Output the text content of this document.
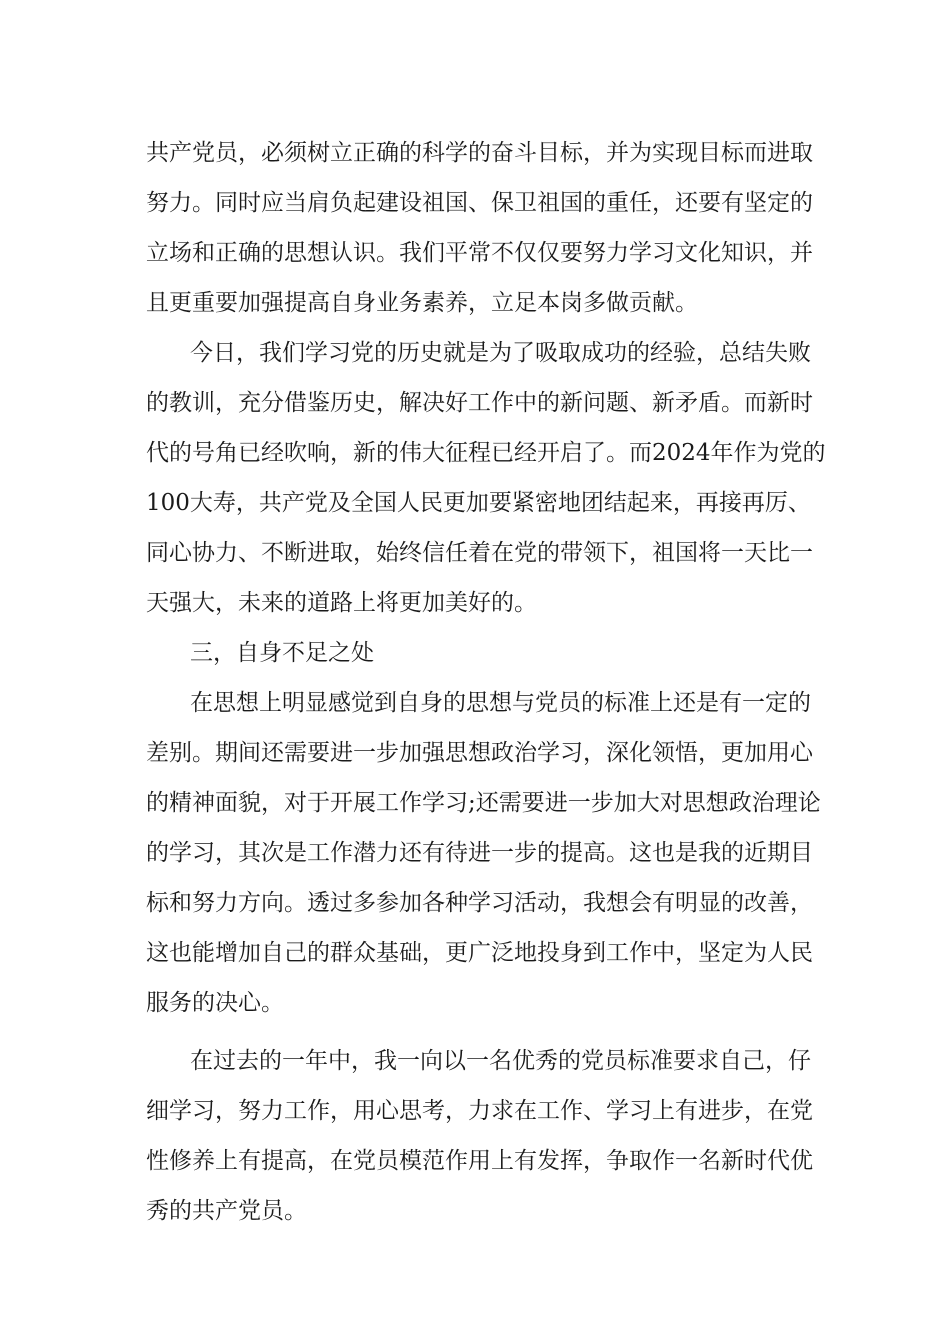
共产党员，必须树立正确的科学的奋斗目标，并为实现目标而进取
努力。同时应当肩负起建设祖国、保卫祖国的重任，还要有坚定的
立场和正确的思想认识。我们平常不仅仅要努力学习文化知识，并
且更重要加强提高自身业务素养，立足本岗多做贡献。
今日，我们学习党的历史就是为了吸取成功的经验，总结失败
的教训，充分借鉴历史，解决好工作中的新问题、新矛盾。而新时
代的号角已经吹响，新的伟大征程已经开启了。而2024年作为党的
100大寿，共产党及全国人民更加要紧密地团结起来，再接再厉、
同心协力、不断进取，始终信任着在党的带领下，祖国将一天比一
天强大，未来的道路上将更加美好的。
三，自身不足之处
在思想上明显感觉到自身的思想与党员的标准上还是有一定的
差别。期间还需要进一步加强思想政治学习，深化领悟，更加用心
的精神面貌，对于开展工作学习;还需要进一步加大对思想政治理论
的学习，其次是工作潜力还有待进一步的提高。这也是我的近期目
标和努力方向。透过多参加各种学习活动，我想会有明显的改善，
这也能增加自己的群众基础，更广泛地投身到工作中，坚定为人民
服务的决心。
在过去的一年中，我一向以一名优秀的党员标准要求自己，仔
细学习，努力工作，用心思考，力求在工作、学习上有进步，在党
性修养上有提高，在党员模范作用上有发挥，争取作一名新时代优
秀的共产党员。
